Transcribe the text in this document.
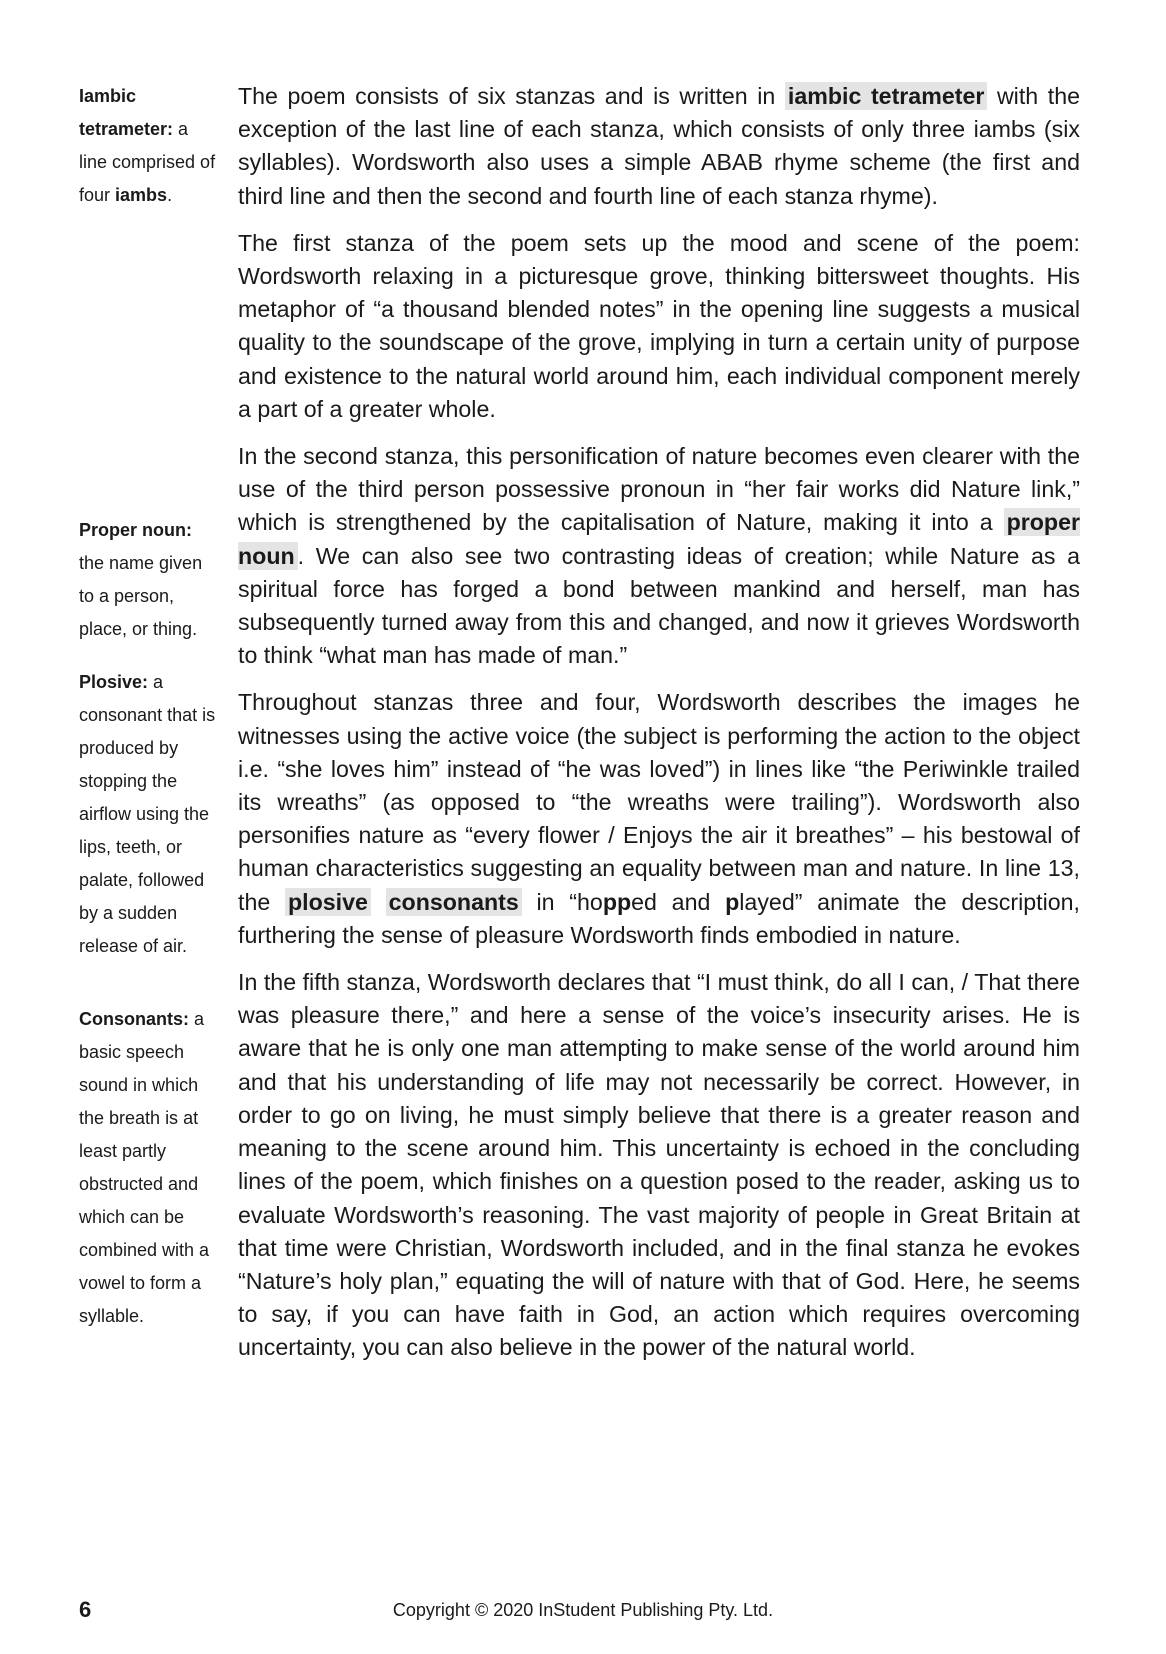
Iambic tetrameter: a line comprised of four iambs.
Proper noun: the name given to a person, place, or thing.
Plosive: a consonant that is produced by stopping the airflow using the lips, teeth, or palate, followed by a sudden release of air.
Consonants: a basic speech sound in which the breath is at least partly obstructed and which can be combined with a vowel to form a syllable.

The poem consists of six stanzas and is written in iambic tetrameter with the exception of the last line of each stanza, which consists of only three iambs (six syllables). Wordsworth also uses a simple ABAB rhyme scheme (the first and third line and then the second and fourth line of each stanza rhyme).

The first stanza of the poem sets up the mood and scene of the poem: Wordsworth relaxing in a picturesque grove, thinking bittersweet thoughts. His metaphor of “a thousand blended notes” in the opening line suggests a musical quality to the soundscape of the grove, implying in turn a certain unity of purpose and existence to the natural world around him, each individual component merely a part of a greater whole.

In the second stanza, this personification of nature becomes even clearer with the use of the third person possessive pronoun in “her fair works did Nature link,” which is strengthened by the capitalisation of Nature, making it into a proper noun . We can also see two contrasting ideas of creation; while Nature as a spiritual force has forged a bond between mankind and herself, man has subsequently turned away from this and changed, and now it grieves Wordsworth to think “what man has made of man.”

Throughout stanzas three and four, Wordsworth describes the images he witnesses using the active voice (the subject is performing the action to the object i.e. “she loves him” instead of “he was loved”) in lines like “the Periwinkle trailed its wreaths” (as opposed to “the wreaths were trailing”). Wordsworth also personifies nature as “every flower / Enjoys the air it breathes” – his bestowal of human characteristics suggesting an equality between man and nature. In line 13, the plosive consonants in “hopped and played” animate the description, furthering the sense of pleasure Wordsworth finds embodied in nature.

In the fifth stanza, Wordsworth declares that “I must think, do all I can, / That there was pleasure there,” and here a sense of the voice’s insecurity arises. He is aware that he is only one man attempting to make sense of the world around him and that his understanding of life may not necessarily be correct. However, in order to go on living, he must simply believe that there is a greater reason and meaning to the scene around him. This uncertainty is echoed in the concluding lines of the poem, which finishes on a question posed to the reader, asking us to evaluate Wordsworth’s reasoning. The vast majority of people in Great Britain at that time were Christian, Wordsworth included, and in the final stanza he evokes “Nature’s holy plan,” equating the will of nature with that of God. Here, he seems to say, if you can have faith in God, an action which requires overcoming uncertainty, you can also believe in the power of the natural world.

6	Copyright © 2020 InStudent Publishing Pty. Ltd.
